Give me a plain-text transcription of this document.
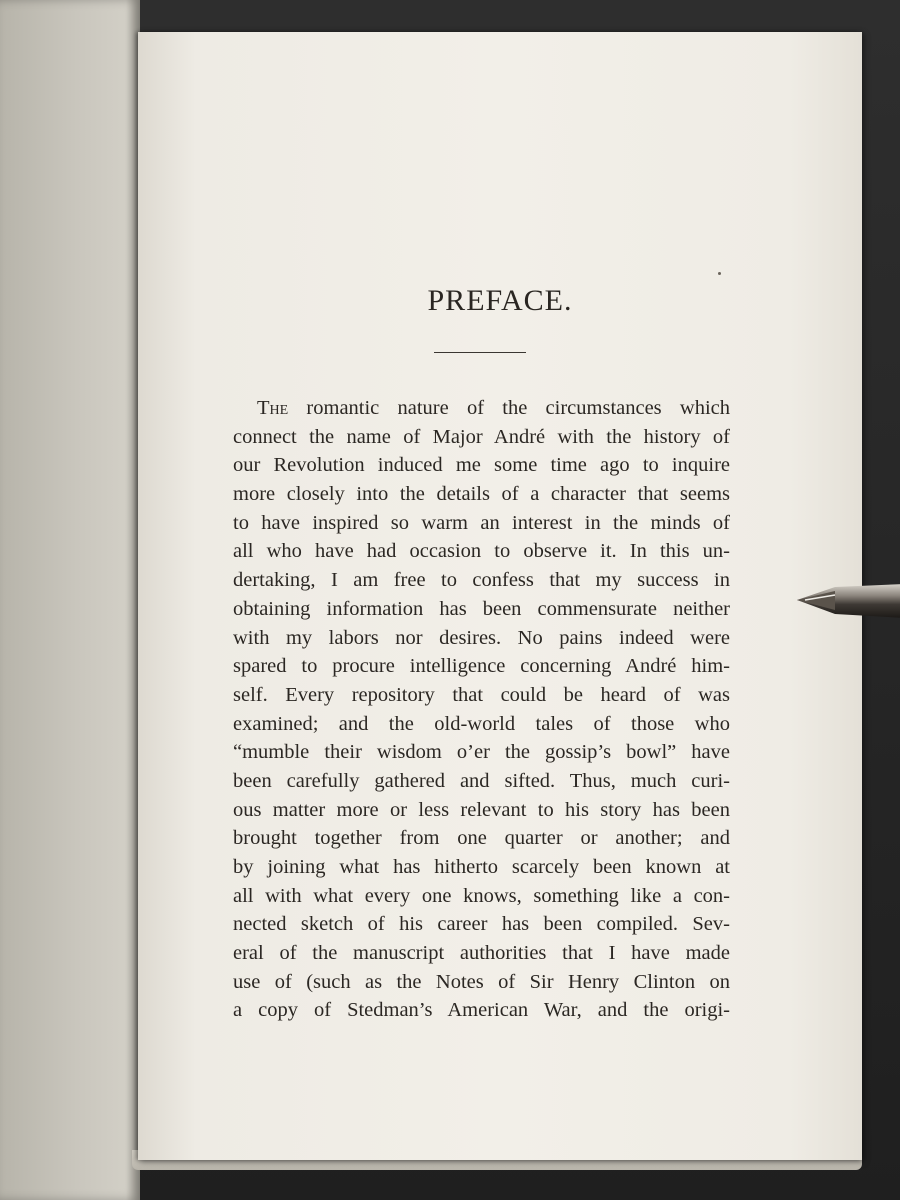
PREFACE.
The romantic nature of the circumstances which
connect the name of Major André with the history of
our Revolution induced me some time ago to inquire
more closely into the details of a character that seems
to have inspired so warm an interest in the minds of
all who have had occasion to observe it. In this un-
dertaking, I am free to confess that my success in
obtaining information has been commensurate neither
with my labors nor desires. No pains indeed were
spared to procure intelligence concerning André him-
self. Every repository that could be heard of was
examined; and the old-world tales of those who
“mumble their wisdom o’er the gossip’s bowl” have
been carefully gathered and sifted. Thus, much curi-
ous matter more or less relevant to his story has been
brought together from one quarter or another; and
by joining what has hitherto scarcely been known at
all with what every one knows, something like a con-
nected sketch of his career has been compiled. Sev-
eral of the manuscript authorities that I have made
use of (such as the Notes of Sir Henry Clinton on
a copy of Stedman’s American War, and the origi-
